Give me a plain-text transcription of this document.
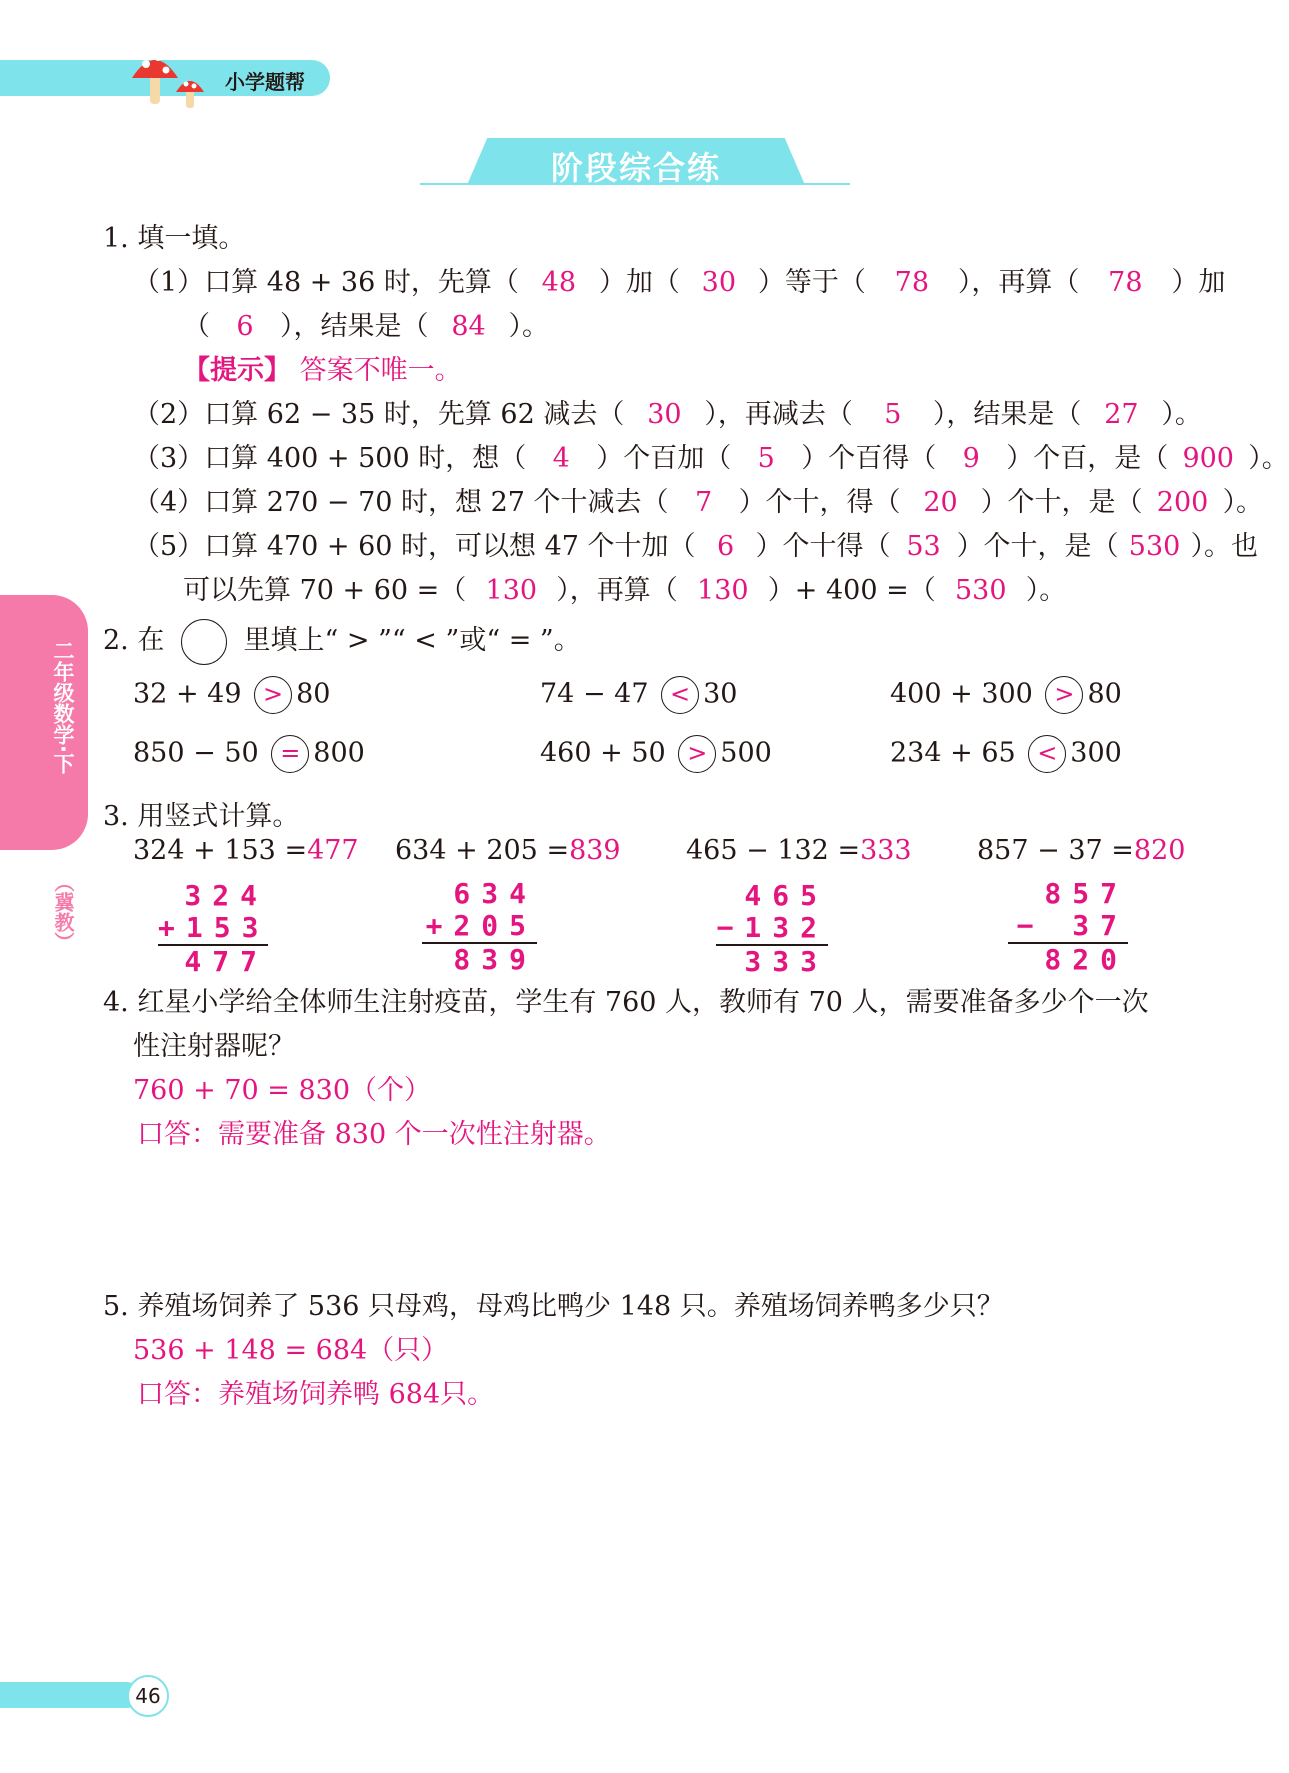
小学题帮
阶段综合练
二年级数学·下
（冀教）
1. 填一填。
（1）口算 48 + 36 时，先算（ 48 ）加（ 30 ）等于（ 78 ），再算（ 78 ）加
（ 6 ），结果是（ 84 ）。
【提示】 答案不唯一。
（2）口算 62 − 35 时，先算 62 减去（ 30 ），再减去（ 5 ），结果是（ 27 ）。
（3）口算 400 + 500 时，想（ 4 ）个百加（ 5 ）个百得（ 9 ）个百，是（ 900 ）。
（4）口算 270 − 70 时，想 27 个十减去（ 7 ）个十，得（ 20 ）个十，是（ 200 ）。
（5）口算 470 + 60 时，可以想 47 个十加（ 6 ）个十得（ 53 ）个十，是（ 530 ）。也
可以先算 70 + 60 =（ 130 ），再算（ 130 ）+ 400 =（ 530 ）。
2. 在	里填上“ > ”“ < ”或“ = ”。
32 + 49 > 80	74 − 47 < 30	400 + 300 > 80
850 − 50 = 800	460 + 50 > 500	234 + 65 < 300
3. 用竖式计算。
324 + 153 =477 634 + 205 =839 465 − 132 =333 857 − 37 =820
324
+153
477
634
+205
839
465
−132
333
857
− 37
820
4. 红星小学给全体师生注射疫苗，学生有 760 人，教师有 70 人，需要准备多少个一次
性注射器呢？
760 + 70 = 830（个）
口答：需要准备 830 个一次性注射器。
5. 养殖场饲养了 536 只母鸡，母鸡比鸭少 148 只。养殖场饲养鸭多少只？
536 + 148 = 684（只）
口答：养殖场饲养鸭 684只。
46
